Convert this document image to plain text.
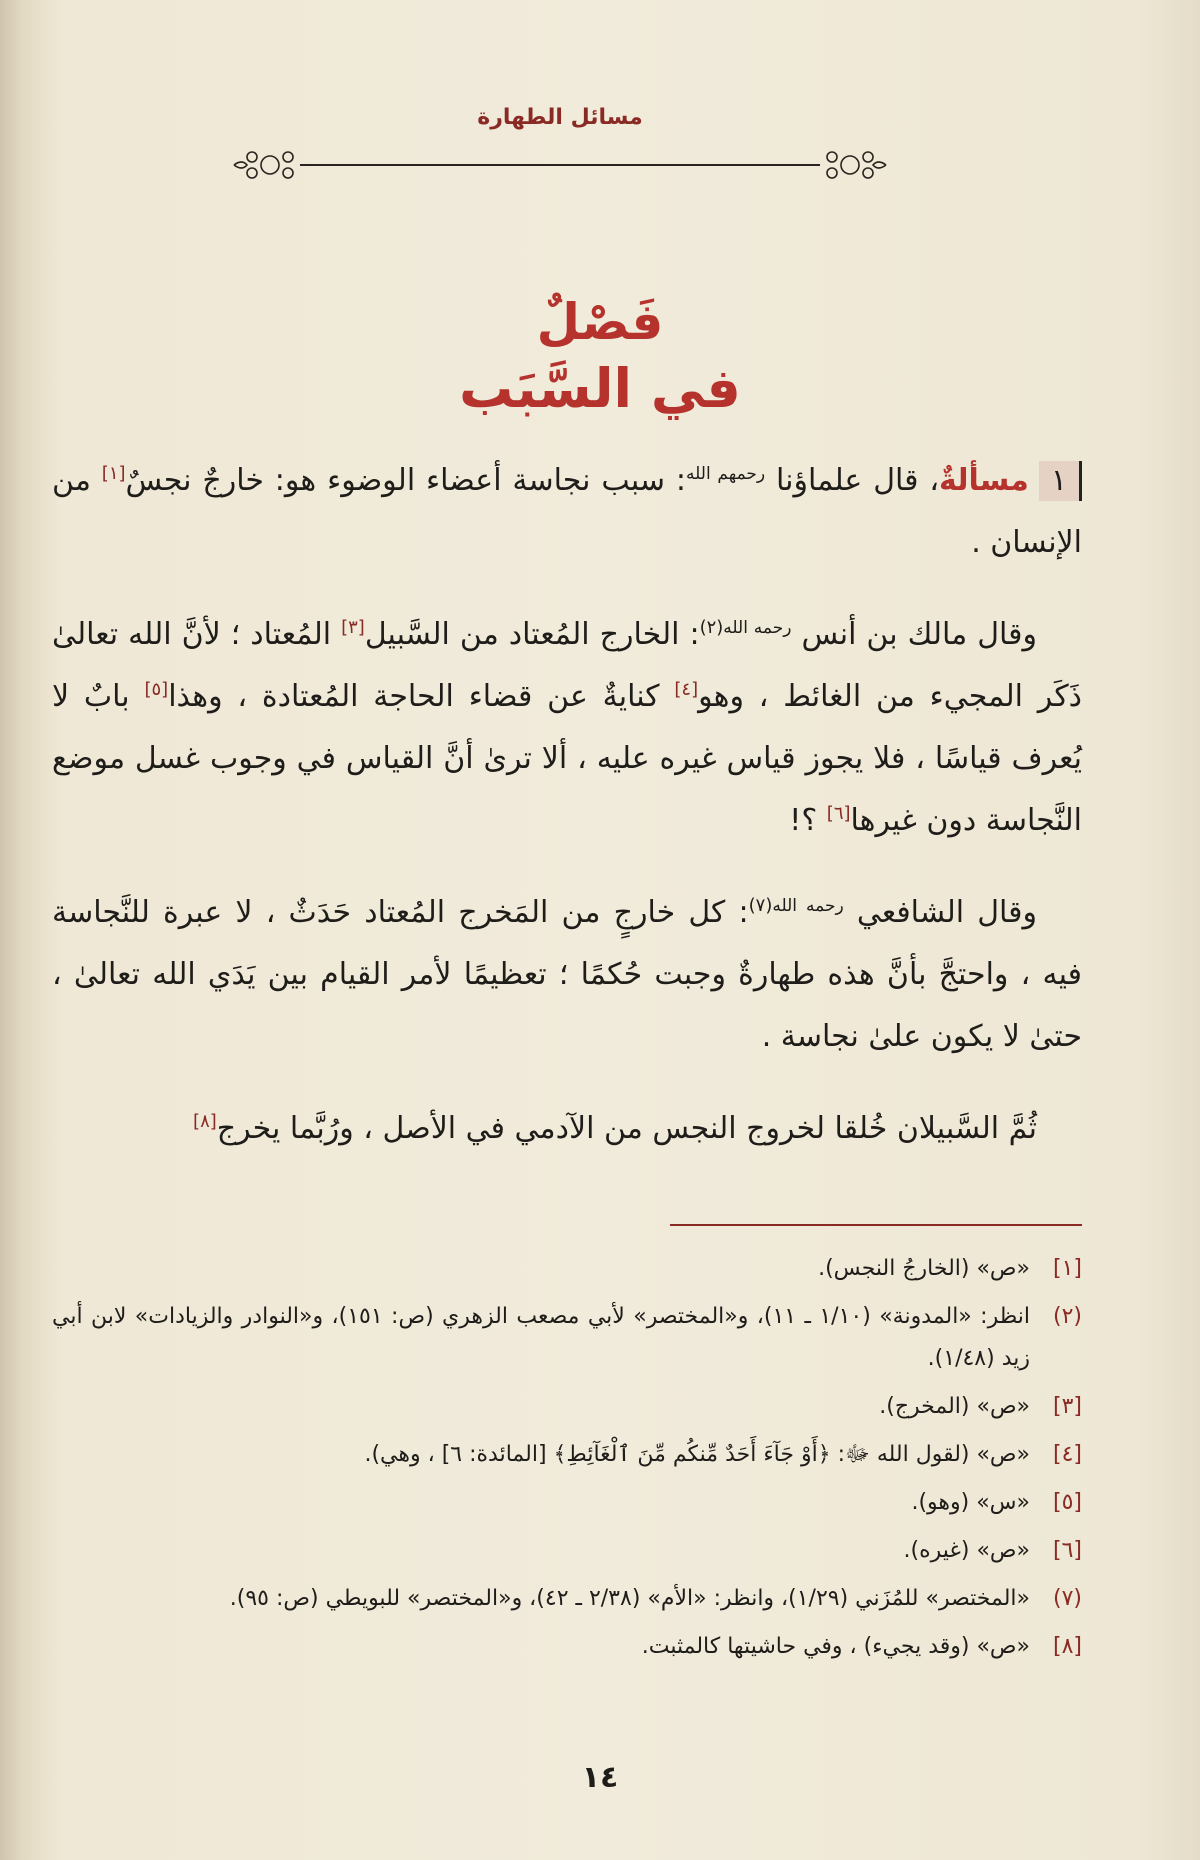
مسائل الطهارة
فَصْلٌ
في السَّبَب

١مسألةٌ، قال علماؤنا $^{رحمهم الله}$: سبب نجاسة أعضاء الوضوء هو: خارجٌ نجسٌ[١] من الإنسان .

وقال مالك بن أنس $^{رحمه الله(٢)}$: الخارج المُعتاد من السَّبيل[٣] المُعتاد ؛ لأنَّ الله تعالىٰ ذَكَر المجيء من الغائط ، وهو[٤] كنايةٌ عن قضاء الحاجة المُعتادة ، وهذا[٥] بابٌ لا يُعرف قياسًا ، فلا يجوز قياس غيره عليه ، ألا ترىٰ أنَّ القياس في وجوب غسل موضع النَّجاسة دون غيرها[٦] ؟!

وقال الشافعي $^{رحمه الله(٧)}$: كل خارجٍ من المَخرج المُعتاد حَدَثٌ ، لا عبرة للنَّجاسة فيه ، واحتجَّ بأنَّ هذه طهارةٌ وجبت حُكمًا ؛ تعظيمًا لأمر القيام بين يَدَي الله تعالىٰ ، حتىٰ لا يكون علىٰ نجاسة .

ثُمَّ السَّبيلان خُلقا لخروج النجس من الآدمي في الأصل ، ورُبَّما يخرج[٨]

[١]
«ص» (الخارجُ النجس).
(٢)
انظر: «المدونة» (١/١٠ ـ ١١)، و«المختصر» لأبي مصعب الزهري (ص: ١٥١)، و«النوادر والزيادات» لابن أبي زيد (١/٤٨).
[٣]
«ص» (المخرج).
[٤]
«ص» (لقول الله ﷻ: ﴿أَوْ جَآءَ أَحَدٌ مِّنكُم مِّنَ ٱلْغَآئِطِ﴾ [المائدة: ٦] ، وهي).
[٥]
«س» (وهو).
[٦]
«ص» (غيره).
(٧)
«المختصر» للمُزَني (١/٢٩)، وانظر: «الأم» (٢/٣٨ ـ ٤٢)، و«المختصر» للبويطي (ص: ٩٥).
[٨]
«ص» (وقد يجيء) ، وفي حاشيتها كالمثبت.
١٤
